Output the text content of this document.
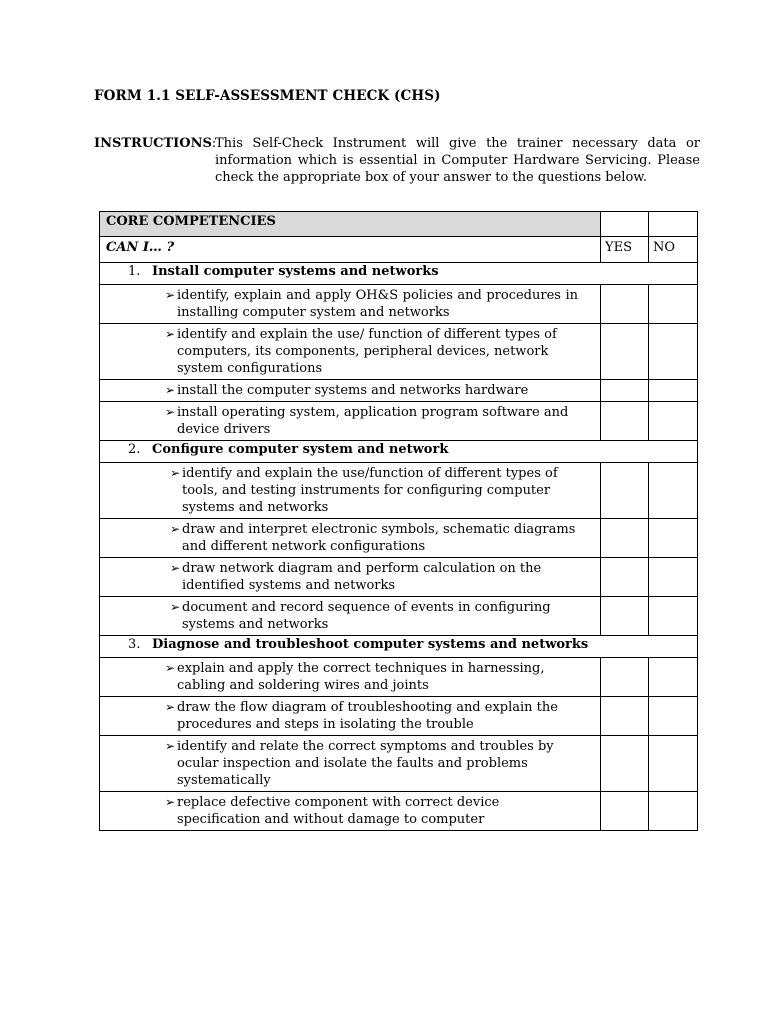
FORM 1.1 SELF-ASSESSMENT CHECK (CHS)
INSTRUCTIONS:
This Self-Check Instrument will give the trainer necessary data or information which is essential in Computer Hardware Servicing. Please check the appropriate box of your answer to the questions below.
CORE COMPETENCIES		
CAN I… ?	YES	NO
1. Install computer systems and networks		

➢ identify, explain and apply OH&S policies and procedures in installing computer system and networks		

➢ identify and explain the use/ function of different types of computers, its components, peripheral devices, network system configurations		

➢ install the computer systems and networks hardware		

➢ install operating system, application program software and device drivers		

2. Configure computer system and network		

➢ identify and explain the use/function of different types of tools, and testing instruments for configuring computer systems and networks		

➢ draw and interpret electronic symbols, schematic diagrams and different network configurations		

➢ draw network diagram and perform calculation on the identified systems and networks		

➢ document and record sequence of events in configuring systems and networks		

3. Diagnose and troubleshoot computer systems and networks		

➢ explain and apply the correct techniques in harnessing, cabling and soldering wires and joints		

➢ draw the flow diagram of troubleshooting and explain the procedures and steps in isolating the trouble		

➢ identify and relate the correct symptoms and troubles by ocular inspection and isolate the faults and problems systematically		

➢ replace defective component with correct device specification and without damage to computer		
